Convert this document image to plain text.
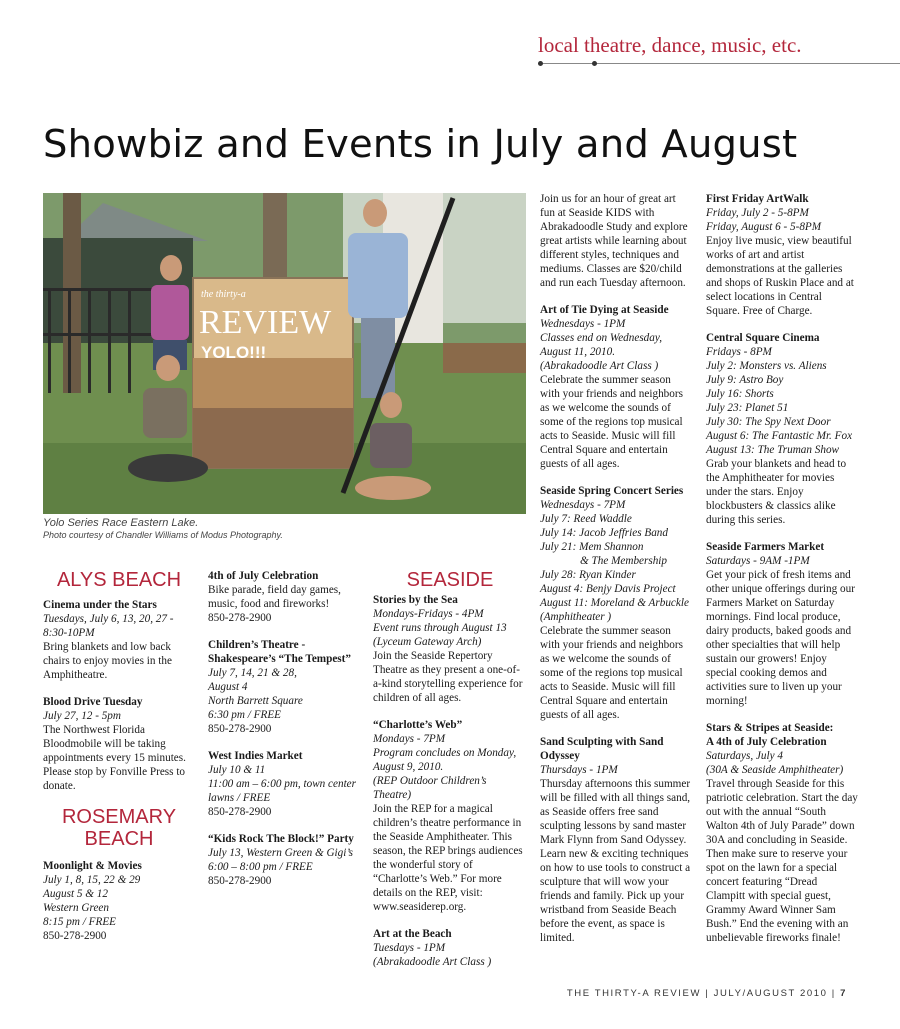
local theatre, dance, music, etc.
Showbiz and Events in July and August
the thirty-a
REVIEW
YOLO!!!
Yolo Series Race Eastern Lake.
Photo courtesy of Chandler Williams of Modus Photography.
ALYS BEACH

Cinema under the Stars
Tuesdays, July 6, 13, 20, 27 -
8:30-10PM
Bring blankets and low back chairs to enjoy movies in the Amphitheatre.

Blood Drive Tuesday
July 27, 12 - 5pm
The Northwest Florida Bloodmobile will be taking appointments every 15 minutes. Please stop by Fonville Press to donate.

ROSEMARY
BEACH

Moonlight & Movies
July 1, 8, 15, 22 & 29
August 5 & 12
Western Green
8:15 pm / FREE
850-278-2900

4th of July Celebration
Bike parade, field day games, music, food and fireworks!
850-278-2900

Children’s Theatre -
Shakespeare’s “The Tempest”
July 7, 14, 21 & 28,
August 4
North Barrett Square
6:30 pm / FREE
850-278-2900

West Indies Market
July 10 & 11
11:00 am – 6:00 pm, town center lawns / FREE
850-278-2900

“Kids Rock The Block!” Party
July 13, Western Green & Gigi’s
6:00 – 8:00 pm / FREE
850-278-2900

SEASIDE

Stories by the Sea
Mondays-Fridays - 4PM
Event runs through August 13
(Lyceum Gateway Arch)
Join the Seaside Repertory Theatre as they present a one-of-a-kind storytelling experience for children of all ages.

“Charlotte’s Web”
Mondays - 7PM
Program concludes on Monday, August 9, 2010.
(REP Outdoor Children’s Theatre)
Join the REP for a magical children’s theatre performance in the Seaside Amphitheater. This season, the REP brings audiences the wonderful story of “Charlotte’s Web.” For more details on the REP, visit: www.seasiderep.org.

Art at the Beach
Tuesdays - 1PM
(Abrakadoodle Art Class )

Join us for an hour of great art fun at Seaside KIDS with Abrakadoodle Study and explore great artists while learning about different styles, techniques and mediums. Classes are $20/child and run each Tuesday afternoon.

Art of Tie Dying at Seaside
Wednesdays - 1PM
Classes end on Wednesday, August 11, 2010.
(Abrakadoodle Art Class )
Celebrate the summer season with your friends and neighbors as we welcome the sounds of some of the regions top musical acts to Seaside. Music will fill Central Square and entertain guests of all ages.

Seaside Spring Concert Series
Wednesdays - 7PM
July 7: Reed Waddle
July 14: Jacob Jeffries Band
July 21: Mem Shannon
& The Membership
July 28: Ryan Kinder
August 4: Benjy Davis Project
August 11: Moreland & Arbuckle
(Amphitheater )
Celebrate the summer season with your friends and neighbors as we welcome the sounds of some of the regions top musical acts to Seaside. Music will fill Central Square and entertain guests of all ages.

Sand Sculpting with Sand Odyssey
Thursdays - 1PM
Thursday afternoons this summer will be filled with all things sand, as Seaside offers free sand sculpting lessons by sand master Mark Flynn from Sand Odyssey. Learn new & exciting techniques on how to use tools to construct a sculpture that will wow your friends and family. Pick up your wristband from Seaside Beach before the event, as space is limited.

First Friday ArtWalk
Friday, July 2 - 5-8PM
Friday, August 6 - 5-8PM
Enjoy live music, view beautiful works of art and artist demonstrations at the galleries and shops of Ruskin Place and at select locations in Central Square. Free of Charge.

Central Square Cinema
Fridays - 8PM
July 2: Monsters vs. Aliens
July 9: Astro Boy
July 16: Shorts
July 23: Planet 51
July 30: The Spy Next Door
August 6: The Fantastic Mr. Fox
August 13: The Truman Show
Grab your blankets and head to the Amphitheater for movies under the stars. Enjoy blockbusters & classics alike during this series.

Seaside Farmers Market
Saturdays - 9AM -1PM
Get your pick of fresh items and other unique offerings during our Farmers Market on Saturday mornings. Find local produce, dairy products, baked goods and other specialties that will help sustain our growers! Enjoy special cooking demos and activities sure to liven up your morning!

Stars & Stripes at Seaside:
A 4th of July Celebration
Saturdays, July 4
(30A & Seaside Amphitheater)
Travel through Seaside for this patriotic celebration. Start the day out with the annual “South Walton 4th of July Parade” down 30A and concluding in Seaside. Then make sure to reserve your spot on the lawn for a special concert featuring “Dread Clampitt with special guest, Grammy Award Winner Sam Bush.” End the evening with an unbelievable fireworks finale!

THE THIRTY-A REVIEW | JULY/AUGUST 2010 | 7
